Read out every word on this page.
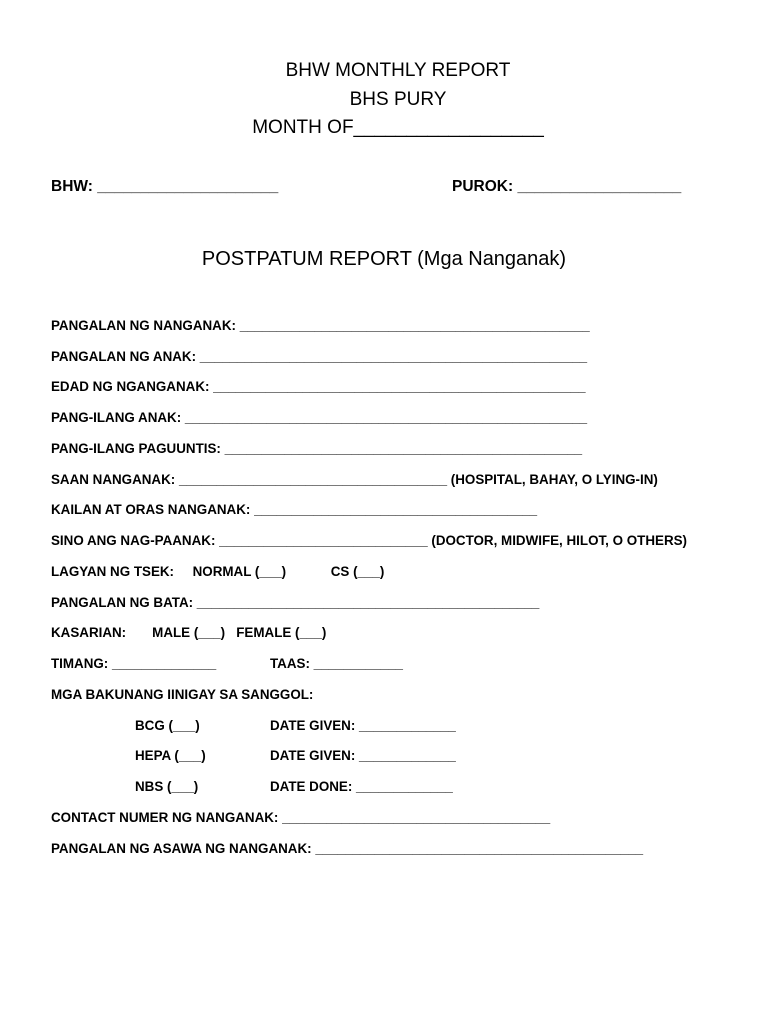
BHW MONTHLY REPORT
BHS PURY
MONTH OF__________________
BHW: _____________________	PUROK: ___________________
POSTPATUM REPORT (Mga Nanganak)
PANGALAN NG NANGANAK: _______________________________________________
PANGALAN NG ANAK: ____________________________________________________
EDAD NG NGANGANAK: __________________________________________________
PANG-ILANG ANAK: ______________________________________________________
PANG-ILANG PAGUUNTIS: ________________________________________________
SAAN NANGANAK: ____________________________________ (HOSPITAL, BAHAY, O LYING-IN)
KAILAN AT ORAS NANGANAK: ______________________________________
SINO ANG NAG-PAANAK: ____________________________ (DOCTOR, MIDWIFE, HILOT, O OTHERS)
LAGYAN NG TSEK:     NORMAL (___)            CS (___)
PANGALAN NG BATA: ______________________________________________
KASARIAN:       MALE (___)   FEMALE (___)
TIMANG: ______________	TAAS: ____________
MGA BAKUNANG IINIGAY SA SANGGOL:
BCG (___)	DATE GIVEN: _____________
HEPA (___)	DATE GIVEN: _____________
NBS (___)	DATE DONE: _____________
CONTACT NUMER NG NANGANAK: ____________________________________
PANGALAN NG ASAWA NG NANGANAK: ____________________________________________
